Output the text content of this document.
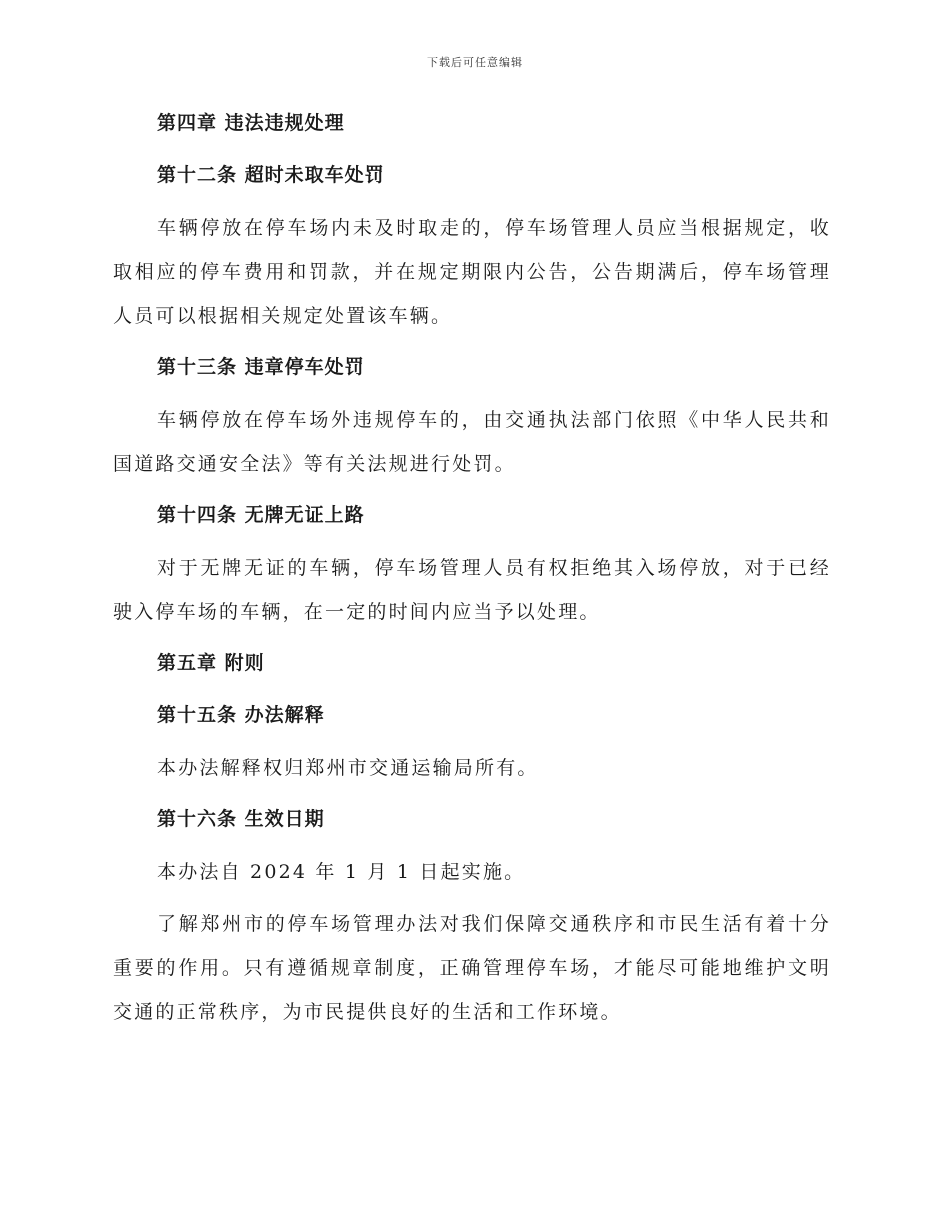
下载后可任意编辑
第四章 违法违规处理
第十二条 超时未取车处罚

车辆停放在停车场内未及时取走的，停车场管理人员应当根据规定，收取相应的停车费用和罚款，并在规定期限内公告，公告期满后，停车场管理人员可以根据相关规定处置该车辆。

第十三条 违章停车处罚

车辆停放在停车场外违规停车的，由交通执法部门依照《中华人民共和国道路交通安全法》等有关法规进行处罚。

第十四条 无牌无证上路

对于无牌无证的车辆，停车场管理人员有权拒绝其入场停放，对于已经驶入停车场的车辆，在一定的时间内应当予以处理。

第五章 附则
第十五条 办法解释

本办法解释权归郑州市交通运输局所有。

第十六条 生效日期

本办法自 2024 年 1 月 1 日起实施。

了解郑州市的停车场管理办法对我们保障交通秩序和市民生活有着十分重要的作用。只有遵循规章制度，正确管理停车场，才能尽可能地维护文明交通的正常秩序，为市民提供良好的生活和工作环境。
